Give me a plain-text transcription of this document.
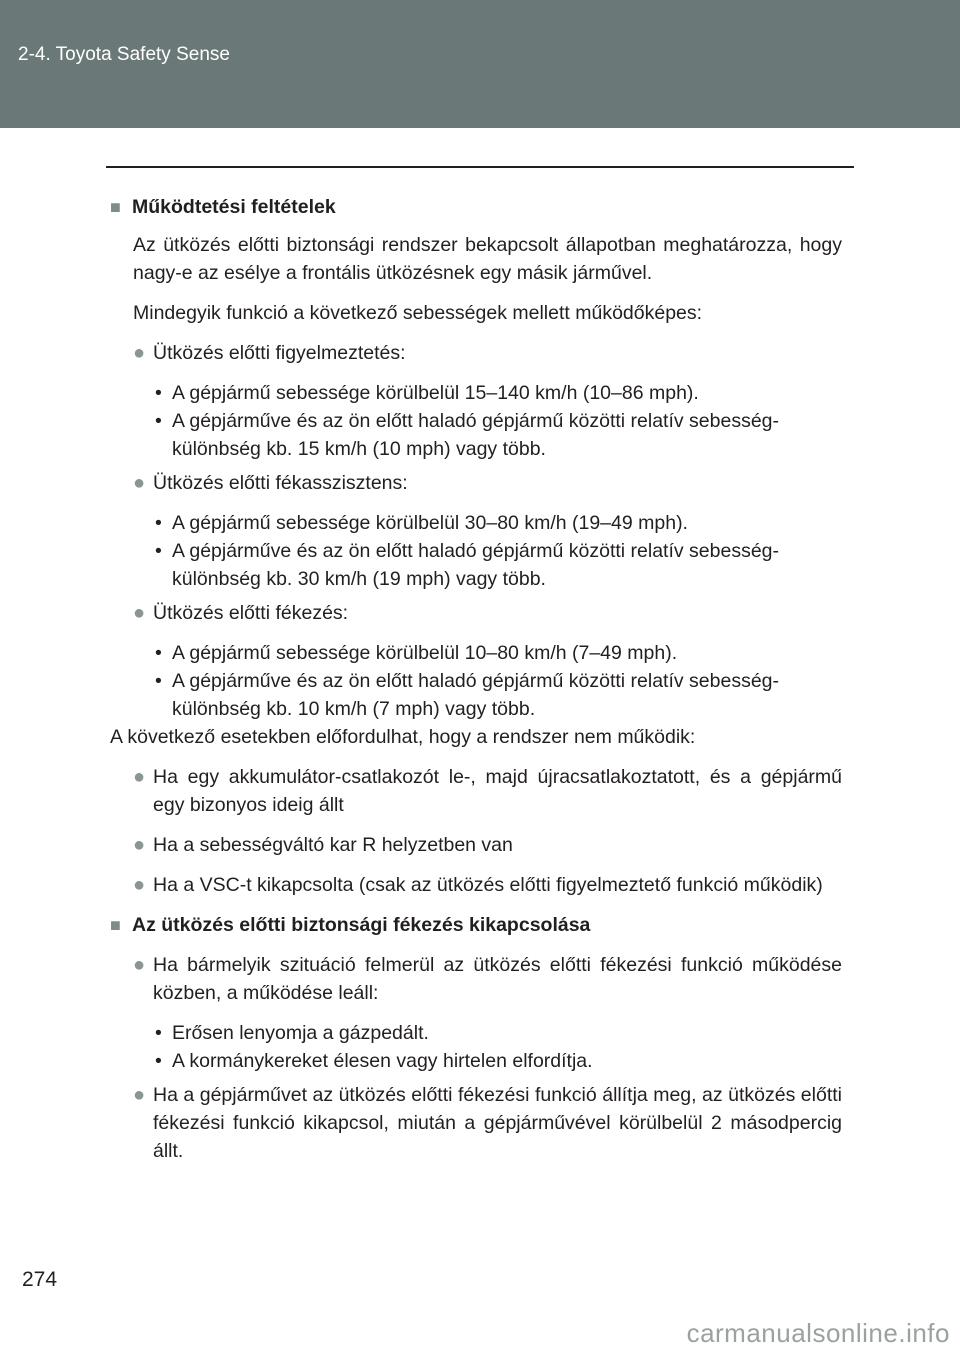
2-4. Toyota Safety Sense

■ Működtetési feltételek

Az ütközés előtti biztonsági rendszer bekapcsolt állapotban meghatározza, hogy nagy-e az esélye a frontális ütközésnek egy másik járművel.

Mindegyik funkció a következő sebességek mellett működőképes:

● Ütközés előtti figyelmeztetés:
• A gépjármű sebessége körülbelül 15–140 km/h (10–86 mph).
• A gépjárműve és az ön előtt haladó gépjármű közötti relatív sebesség-különbség kb. 15 km/h (10 mph) vagy több.
● Ütközés előtti fékasszisztens:
• A gépjármű sebessége körülbelül 30–80 km/h (19–49 mph).
• A gépjárműve és az ön előtt haladó gépjármű közötti relatív sebesség-különbség kb. 30 km/h (19 mph) vagy több.
● Ütközés előtti fékezés:
• A gépjármű sebessége körülbelül 10–80 km/h (7–49 mph).
• A gépjárműve és az ön előtt haladó gépjármű közötti relatív sebesség-különbség kb. 10 km/h (7 mph) vagy több.

A következő esetekben előfordulhat, hogy a rendszer nem működik:

● Ha egy akkumulátor-csatlakozót le-, majd újracsatlakoztatott, és a gépjármű egy bizonyos ideig állt
● Ha a sebességváltó kar R helyzetben van
● Ha a VSC-t kikapcsolta (csak az ütközés előtti figyelmeztető funkció működik)

■ Az ütközés előtti biztonsági fékezés kikapcsolása

● Ha bármelyik szituáció felmerül az ütközés előtti fékezési funkció működése közben, a működése leáll:
• Erősen lenyomja a gázpedált.
• A kormánykereket élesen vagy hirtelen elfordítja.
● Ha a gépjárművet az ütközés előtti fékezési funkció állítja meg, az ütközés előtti fékezési funkció kikapcsol, miután a gépjárművével körülbelül 2 másodpercig állt.
274
carmanualsonline.info
